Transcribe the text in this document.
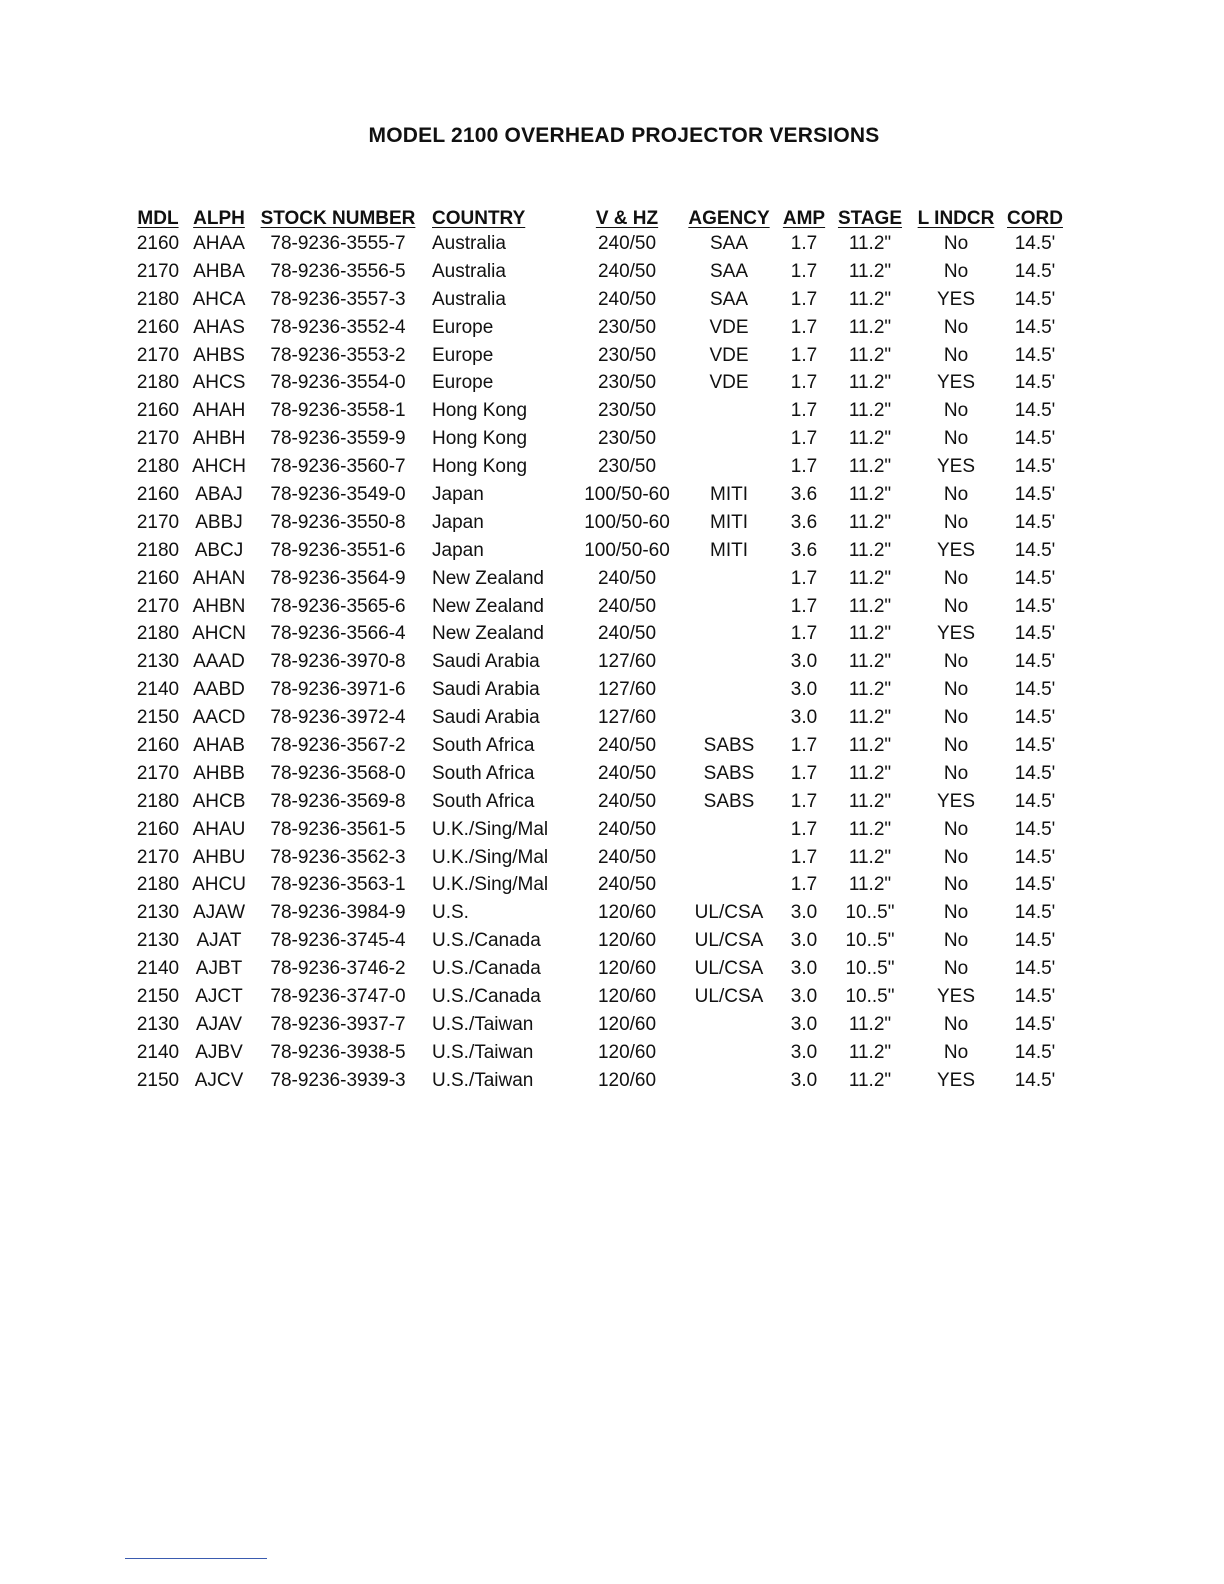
MODEL 2100 OVERHEAD PROJECTOR VERSIONS
MDL	ALPH	STOCK NUMBER	COUNTRY	V & HZ	AGENCY	AMP	STAGE	L INDCR	CORD
2160	AHAA	78-9236-3555-7	Australia	240/50	SAA	1.7	11.2"	No	14.5'
2170	AHBA	78-9236-3556-5	Australia	240/50	SAA	1.7	11.2"	No	14.5'
2180	AHCA	78-9236-3557-3	Australia	240/50	SAA	1.7	11.2"	YES	14.5'
2160	AHAS	78-9236-3552-4	Europe	230/50	VDE	1.7	11.2"	No	14.5'
2170	AHBS	78-9236-3553-2	Europe	230/50	VDE	1.7	11.2"	No	14.5'
2180	AHCS	78-9236-3554-0	Europe	230/50	VDE	1.7	11.2"	YES	14.5'
2160	AHAH	78-9236-3558-1	Hong Kong	230/50		1.7	11.2"	No	14.5'
2170	AHBH	78-9236-3559-9	Hong Kong	230/50		1.7	11.2"	No	14.5'
2180	AHCH	78-9236-3560-7	Hong Kong	230/50		1.7	11.2"	YES	14.5'
2160	ABAJ	78-9236-3549-0	Japan	100/50-60	MITI	3.6	11.2"	No	14.5'
2170	ABBJ	78-9236-3550-8	Japan	100/50-60	MITI	3.6	11.2"	No	14.5'
2180	ABCJ	78-9236-3551-6	Japan	100/50-60	MITI	3.6	11.2"	YES	14.5'
2160	AHAN	78-9236-3564-9	New Zealand	240/50		1.7	11.2"	No	14.5'
2170	AHBN	78-9236-3565-6	New Zealand	240/50		1.7	11.2"	No	14.5'
2180	AHCN	78-9236-3566-4	New Zealand	240/50		1.7	11.2"	YES	14.5'
2130	AAAD	78-9236-3970-8	Saudi Arabia	127/60		3.0	11.2"	No	14.5'
2140	AABD	78-9236-3971-6	Saudi Arabia	127/60		3.0	11.2"	No	14.5'
2150	AACD	78-9236-3972-4	Saudi Arabia	127/60		3.0	11.2"	No	14.5'
2160	AHAB	78-9236-3567-2	South Africa	240/50	SABS	1.7	11.2"	No	14.5'
2170	AHBB	78-9236-3568-0	South Africa	240/50	SABS	1.7	11.2"	No	14.5'
2180	AHCB	78-9236-3569-8	South Africa	240/50	SABS	1.7	11.2"	YES	14.5'
2160	AHAU	78-9236-3561-5	U.K./Sing/Mal	240/50		1.7	11.2"	No	14.5'
2170	AHBU	78-9236-3562-3	U.K./Sing/Mal	240/50		1.7	11.2"	No	14.5'
2180	AHCU	78-9236-3563-1	U.K./Sing/Mal	240/50		1.7	11.2"	No	14.5'
2130	AJAW	78-9236-3984-9	U.S.	120/60	UL/CSA	3.0	10..5"	No	14.5'
2130	AJAT	78-9236-3745-4	U.S./Canada	120/60	UL/CSA	3.0	10..5"	No	14.5'
2140	AJBT	78-9236-3746-2	U.S./Canada	120/60	UL/CSA	3.0	10..5"	No	14.5'
2150	AJCT	78-9236-3747-0	U.S./Canada	120/60	UL/CSA	3.0	10..5"	YES	14.5'
2130	AJAV	78-9236-3937-7	U.S./Taiwan	120/60		3.0	11.2"	No	14.5'
2140	AJBV	78-9236-3938-5	U.S./Taiwan	120/60		3.0	11.2"	No	14.5'
2150	AJCV	78-9236-3939-3	U.S./Taiwan	120/60		3.0	11.2"	YES	14.5'
